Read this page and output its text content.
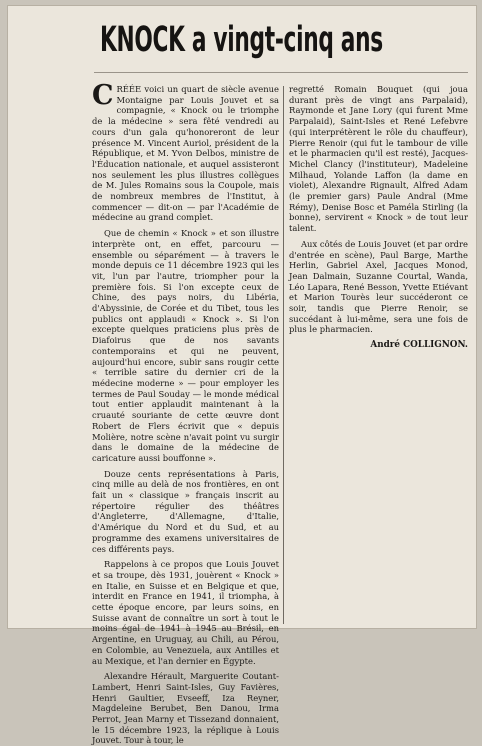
KNOCK a vingt-cinq ans

CRÉÉE voici un quart de siècle avenue Montaigne par Louis Jouvet et sa compagnie, « Knock ou le triomphe de la médecine » sera fêté vendredi au cours d'un gala qu'honoreront de leur présence M. Vincent Auriol, président de la République, et M. Yvon Delbos, ministre de l'Éducation nationale, et auquel assisteront nos seulement les plus illustres collègues de M. Jules Romains sous la Coupole, mais de nombreux membres de l'Institut, à commencer — dit-on — par l'Académie de médecine au grand complet.

Que de chemin « Knock » et son illustre interprète ont, en effet, parcouru — ensemble ou séparément — à travers le monde depuis ce 11 décembre 1923 qui les vit, l'un par l'autre, triompher pour la première fois. Si l'on excepte ceux de Chine, des pays noirs, du Libéria, d'Abyssinie, de Corée et du Tibet, tous les publics ont applaudi « Knock ». Si l'on excepte quelques praticiens plus près de Diafoirus que de nos savants contemporains et qui ne peuvent, aujourd'hui encore, subir sans rougir cette « terrible satire du dernier cri de la médecine moderne » — pour employer les termes de Paul Souday — le monde médical tout entier applaudit maintenant à la cruauté souriante de cette œuvre dont Robert de Flers écrivit que « depuis Molière, notre scène n'avait point vu surgir dans le domaine de la médecine de caricature aussi bouffonne ».

Douze cents représentations à Paris, cinq mille au delà de nos frontières, en ont fait un « classique » français inscrit au répertoire régulier des théâtres d'Angleterre, d'Allemagne, d'Italie, d'Amérique du Nord et du Sud, et au programme des examens universitaires de ces différents pays.

Rappelons à ce propos que Louis Jouvet et sa troupe, dès 1931, jouèrent « Knock » en Italie, en Suisse et en Belgique et que, interdit en France en 1941, il triompha, à cette époque encore, par leurs soins, en Suisse avant de connaître un sort à tout le moins égal de 1941 à 1945 au Brésil, en Argentine, en Uruguay, au Chili, au Pérou, en Colombie, au Venezuela, aux Antilles et au Mexique, et l'an dernier en Égypte.

Alexandre Hérault, Marguerite Coutant-Lambert, Henri Saint-Isles, Guy Favières, Henri Gaultier, Evseeff, Iza Reyner, Magdeleine Berubet, Ben Danou, Irma Perrot, Jean Marny et Tissezand donnaient, le 15 décembre 1923, la réplique à Louis Jouvet. Tour à tour, le

regretté Romain Bouquet (qui joua durant près de vingt ans Parpalaid), Raymonde et Jane Lory (qui furent Mme Parpalaid), Saint-Isles et René Lefebvre (qui interprétèrent le rôle du chauffeur), Pierre Renoir (qui fut le tambour de ville et le pharmacien qu'il est resté), Jacques-Michel Clancy (l'instituteur), Madeleine Milhaud, Yolande Laffon (la dame en violet), Alexandre Rignault, Alfred Adam (le premier gars) Paule Andral (Mme Rémy), Denise Bosc et Paméla Stirling (la bonne), servirent « Knock » de tout leur talent.

Aux côtés de Louis Jouvet (et par ordre d'entrée en scène), Paul Barge, Marthe Herlin, Gabriel Axel, Jacques Monod, Jean Dalmain, Suzanne Courtal, Wanda, Léo Lapara, René Besson, Yvette Etiévant et Marion Tourès leur succéderont ce soir, tandis que Pierre Renoir, se succédant à lui-même, sera une fois de plus le pharmacien.

André COLLIGNON.
